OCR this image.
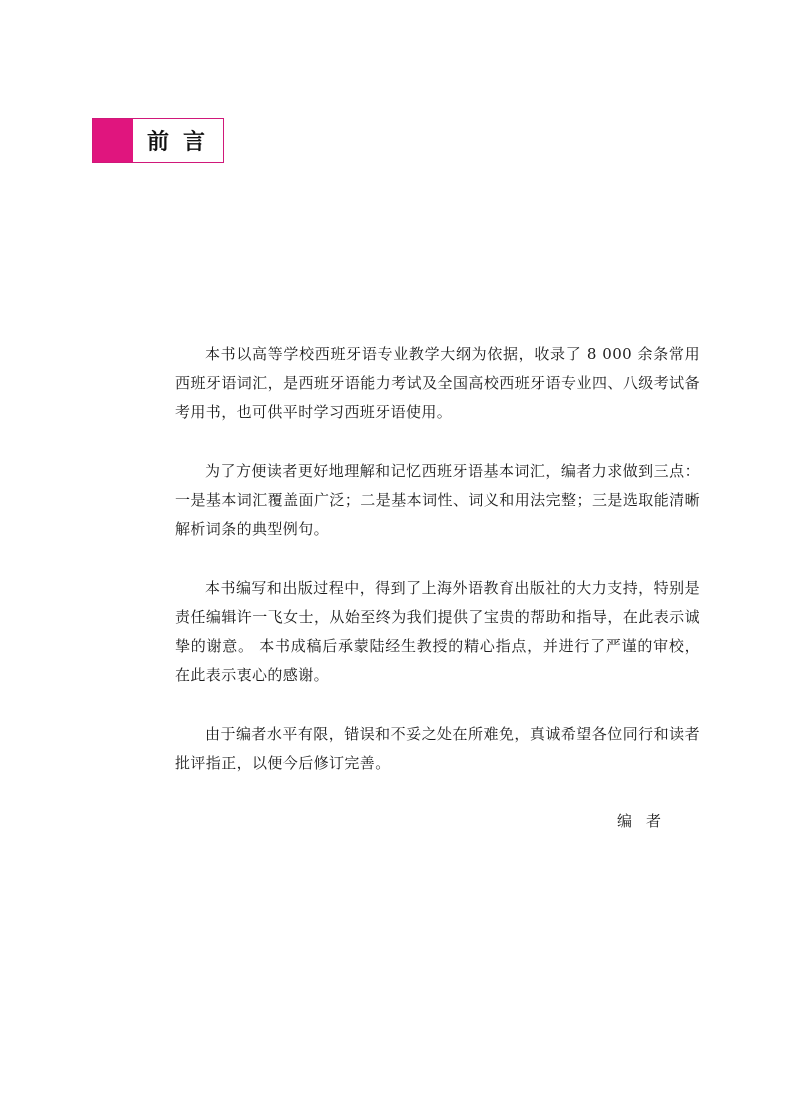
前言

本书以高等学校西班牙语专业教学大纲为依据，收录了 8 000 余条常用西班牙语词汇，是西班牙语能力考试及全国高校西班牙语专业四、八级考试备考用书，也可供平时学习西班牙语使用。

为了方便读者更好地理解和记忆西班牙语基本词汇，编者力求做到三点：一是基本词汇覆盖面广泛；二是基本词性、词义和用法完整；三是选取能清晰解析词条的典型例句。

本书编写和出版过程中，得到了上海外语教育出版社的大力支持，特别是责任编辑许一飞女士，从始至终为我们提供了宝贵的帮助和指导，在此表示诚挚的谢意。 本书成稿后承蒙陆经生教授的精心指点，并进行了严谨的审校，在此表示衷心的感谢。

由于编者水平有限，错误和不妥之处在所难免，真诚希望各位同行和读者批评指正，以便今后修订完善。

编者
